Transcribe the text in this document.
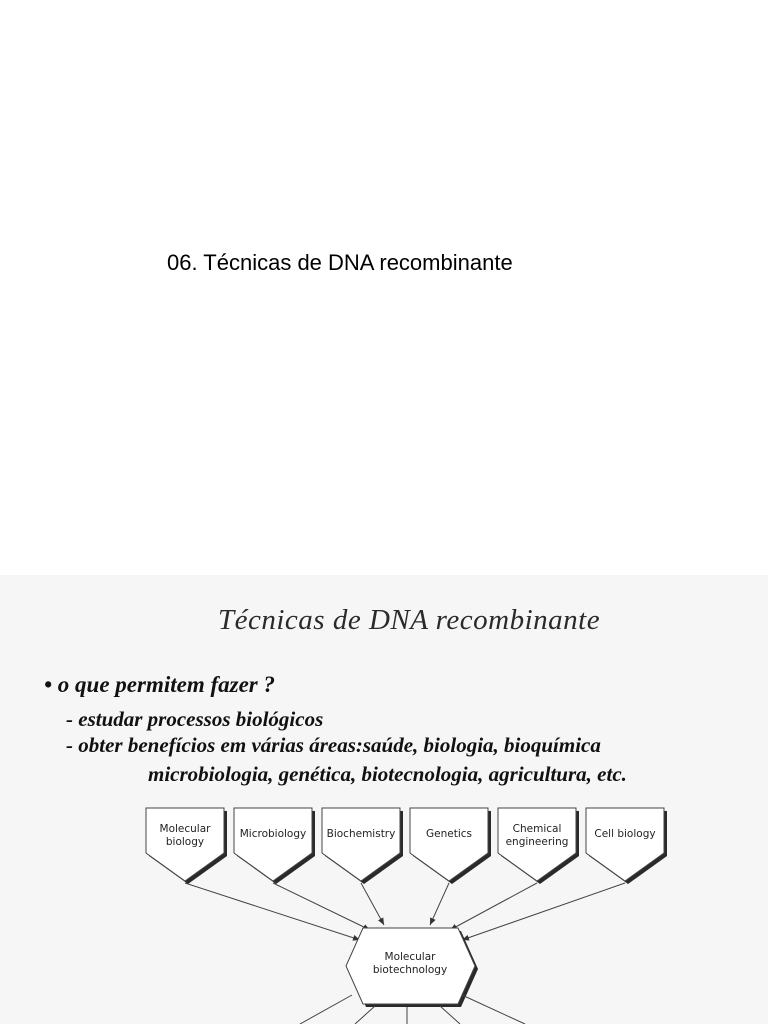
06. Técnicas de DNA recombinante
Técnicas de DNA recombinante
• o que permitem fazer ?
- estudar processos biológicos
- obter benefícios em várias áreas:saúde, biologia, bioquímica
microbiologia, genética, biotecnologia, agricultura, etc.
Molecular
biology
Microbiology Biochemistry	Genetics	Chemical
engineering
Cell biology
Molecular
biotechnology
